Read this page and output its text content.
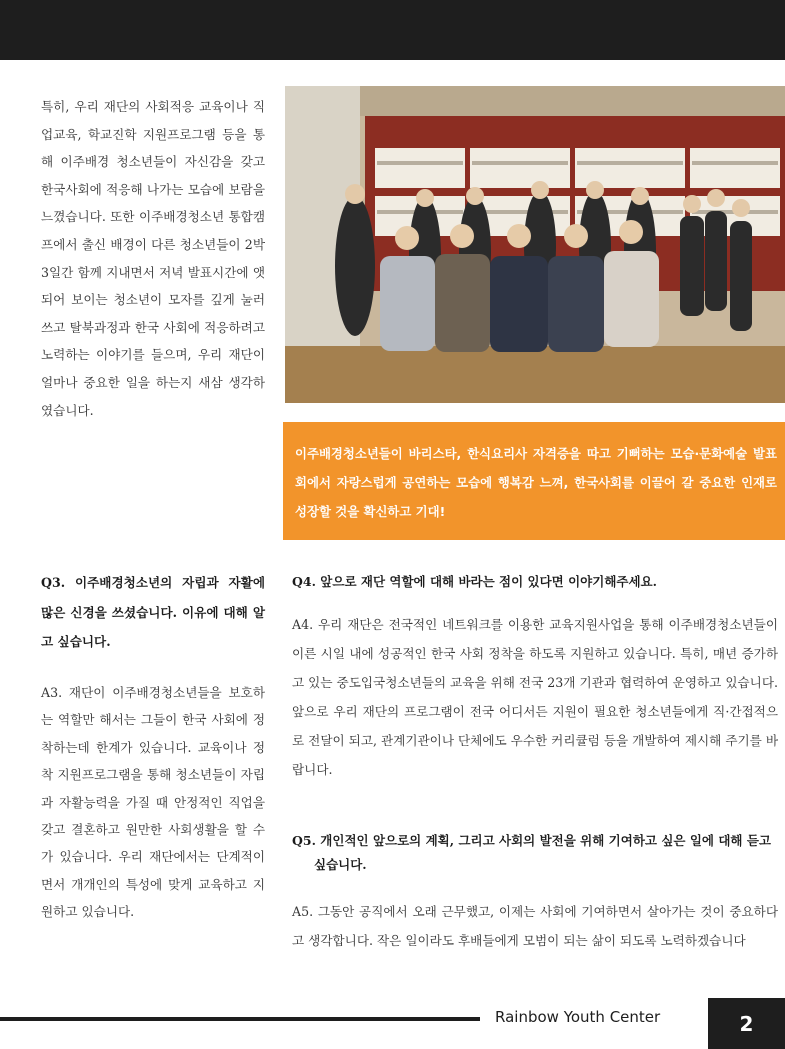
특히, 우리 재단의 사회적응 교육이나 직업교육, 학교진학 지원프로그램 등을 통해 이주배경 청소년들이 자신감을 갖고 한국사회에 적응해 나가는 모습에 보람을 느꼈습니다. 또한 이주배경청소년 통합캠프에서 출신 배경이 다른 청소년들이 2박 3일간 함께 지내면서 저녁 발표시간에 앳되어 보이는 청소년이 모자를 깊게 눌러 쓰고 탈북과정과 한국 사회에 적응하려고 노력하는 이야기를 들으며, 우리 재단이 얼마나 중요한 일을 하는지 새삼 생각하였습니다.

이주배경청소년들이 바리스타, 한식요리사 자격증을 따고 기뻐하는 모습·문화예술 발표회에서 자랑스럽게 공연하는 모습에 행복감 느껴, 한국사회를 이끌어 갈 중요한 인재로 성장할 것을 확신하고 기대!

Q3. 이주배경청소년의 자립과 자활에 많은 신경을 쓰셨습니다. 이유에 대해 알고 싶습니다.

A3. 재단이 이주배경청소년들을 보호하는 역할만 해서는 그들이 한국 사회에 정착하는데 한계가 있습니다. 교육이나 정착 지원프로그램을 통해 청소년들이 자립과 자활능력을 가질 때 안정적인 직업을 갖고 결혼하고 원만한 사회생활을 할 수가 있습니다. 우리 재단에서는 단계적이면서 개개인의 특성에 맞게 교육하고 지원하고 있습니다.

Q4. 앞으로 재단 역할에 대해 바라는 점이 있다면 이야기해주세요.

A4. 우리 재단은 전국적인 네트워크를 이용한 교육지원사업을 통해 이주배경청소년들이 이른 시일 내에 성공적인 한국 사회 정착을 하도록 지원하고 있습니다. 특히, 매년 증가하고 있는 중도입국청소년들의 교육을 위해 전국 23개 기관과 협력하여 운영하고 있습니다. 앞으로 우리 재단의 프로그램이 전국 어디서든 지원이 필요한 청소년들에게 직·간접적으로 전달이 되고, 관계기관이나 단체에도 우수한 커리큘럼 등을 개발하여 제시해 주기를 바랍니다.

Q5. 개인적인 앞으로의 계획, 그리고 사회의 발전을 위해 기여하고 싶은 일에 대해 듣고 싶습니다.

A5. 그동안 공직에서 오래 근무했고, 이제는 사회에 기여하면서 살아가는 것이 중요하다고 생각합니다. 작은 일이라도 후배들에게 모범이 되는 삶이 되도록 노력하겠습니다

Rainbow Youth Center	2
